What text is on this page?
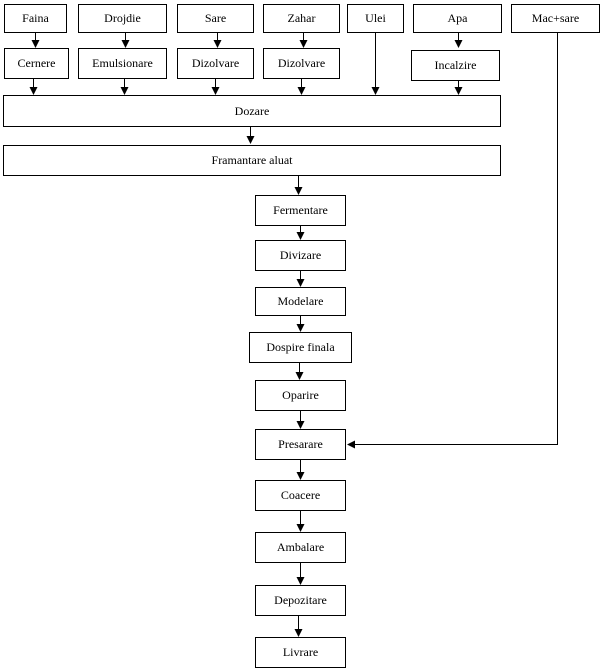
Faina	Drojdie	Sare	Zahar	Ulei	Apa	Mac+sare
Cernere	Emulsionare	Dizolvare	Dizolvare	Incalzire
Dozare
Framantare aluat
Fermentare
Divizare
Modelare
Dospire finala
Oparire
Presarare
Coacere
Ambalare
Depozitare
Livrare
